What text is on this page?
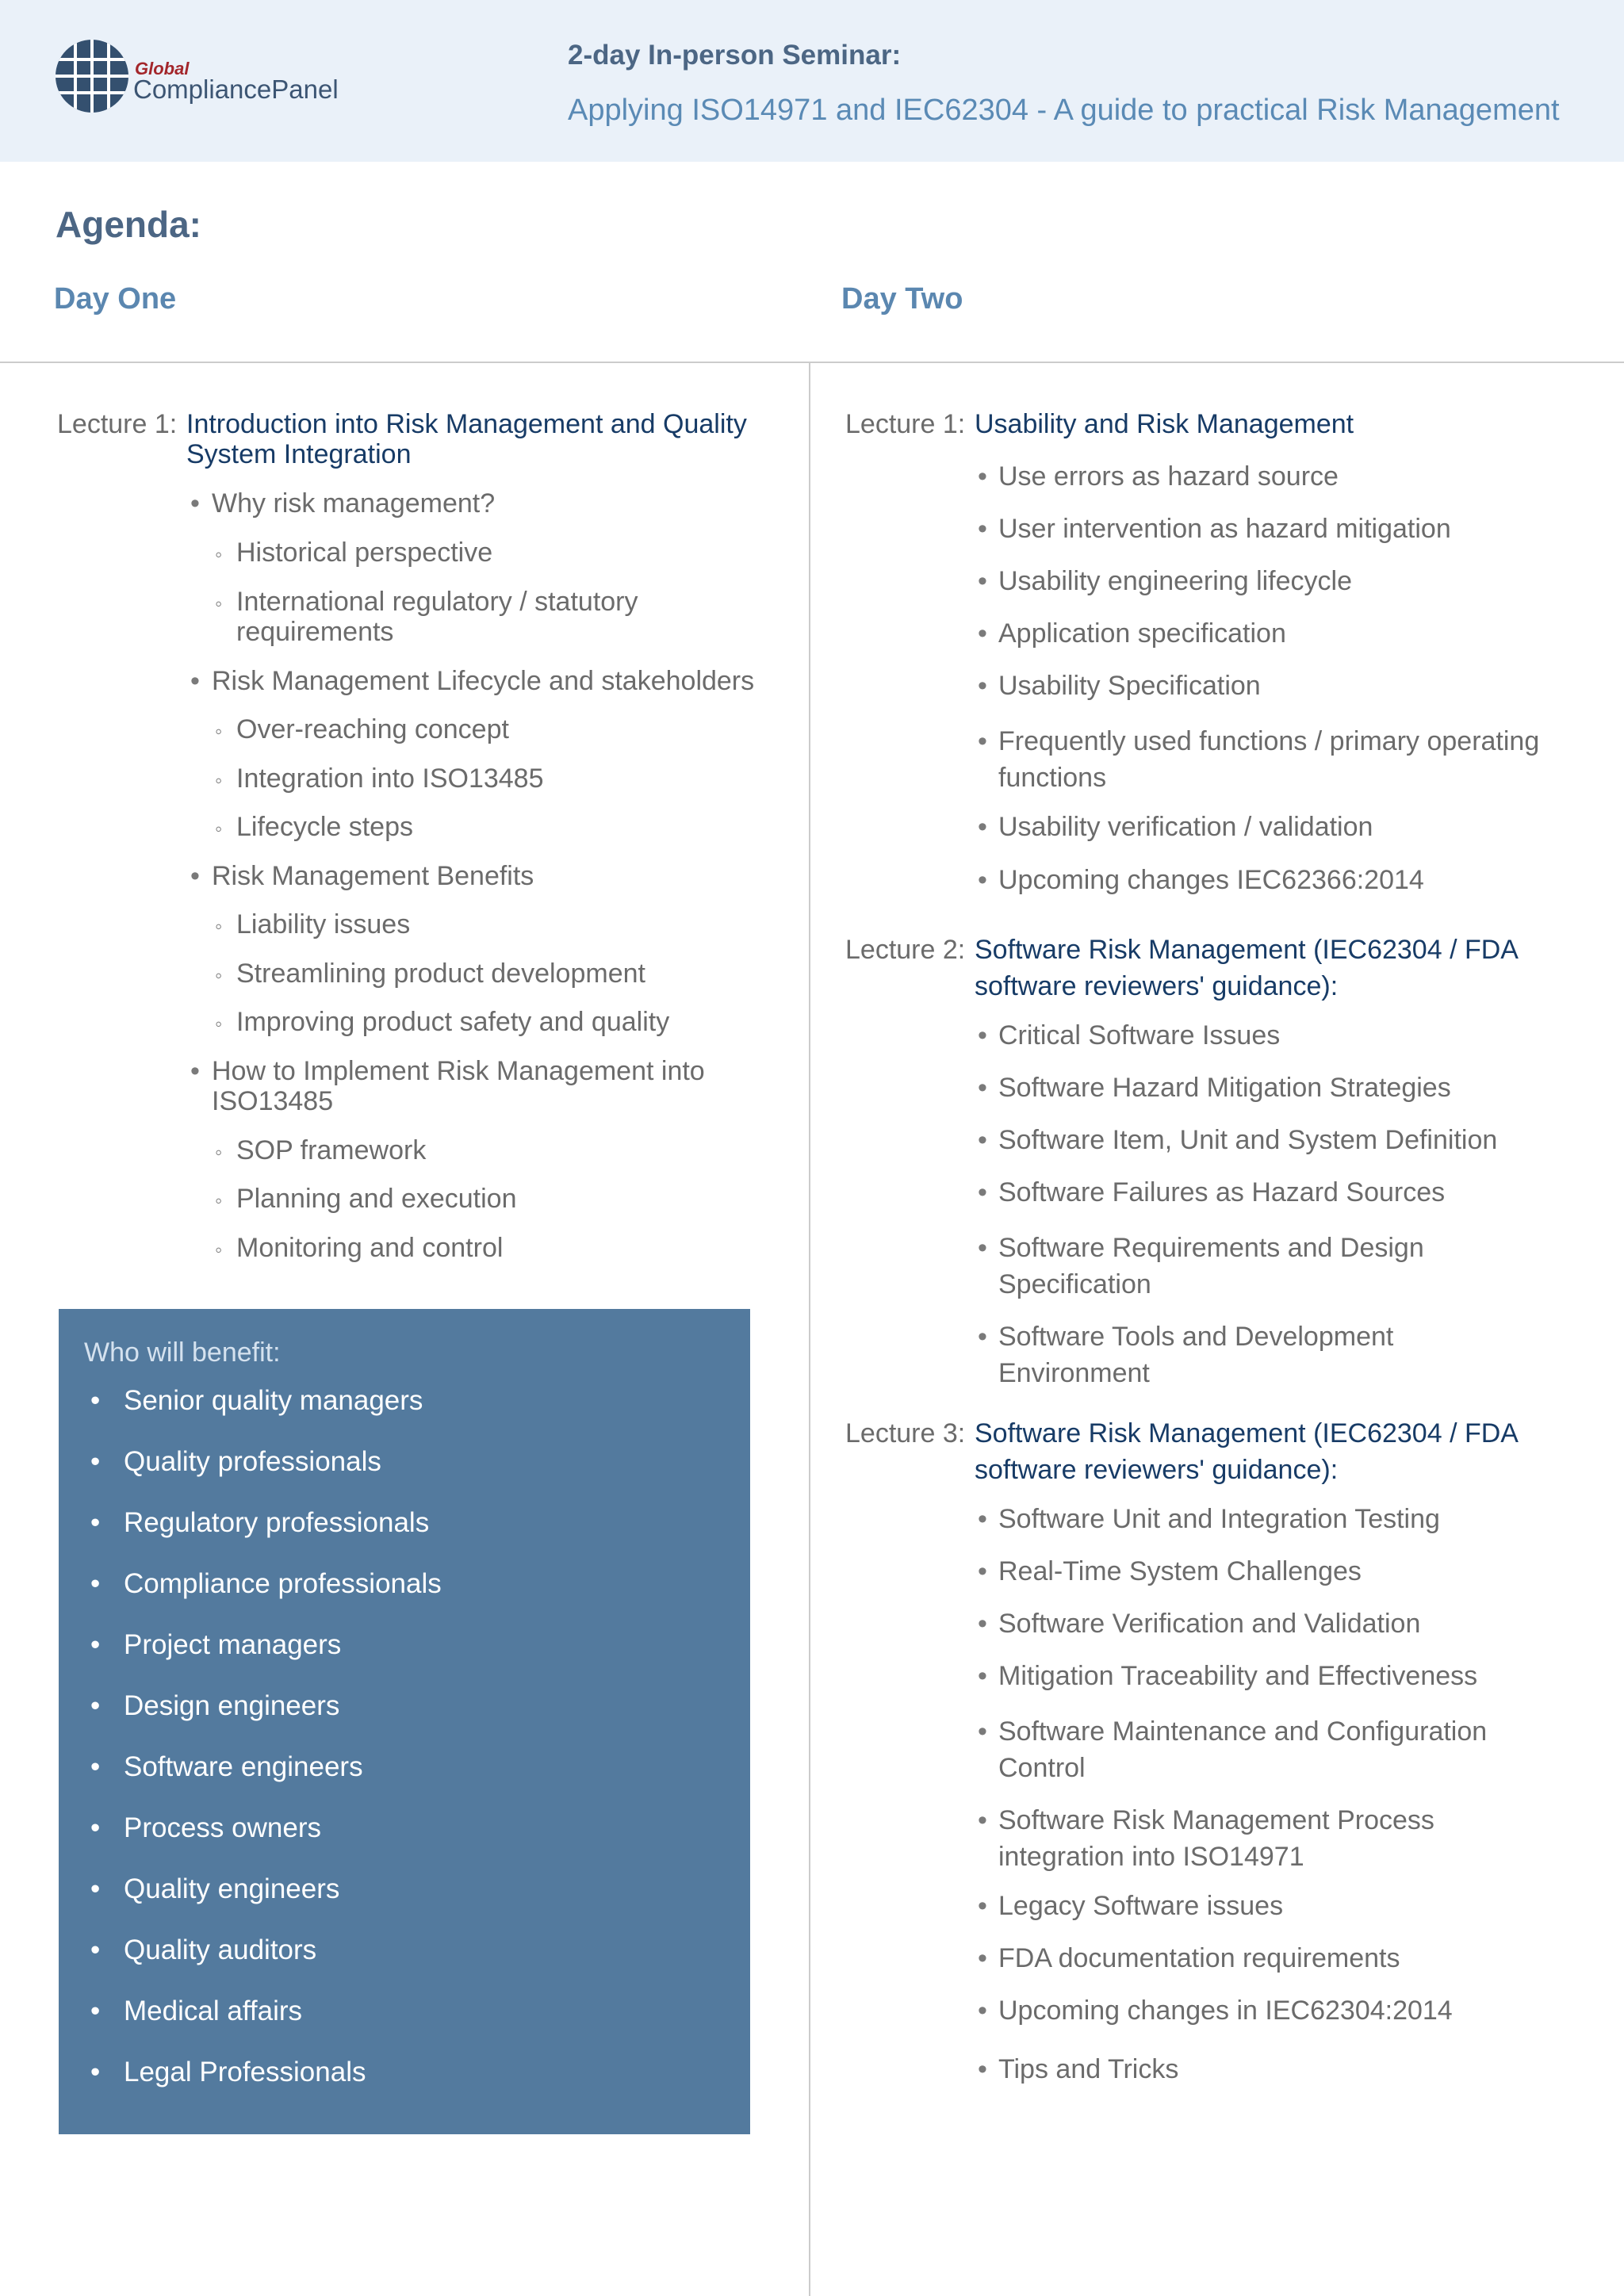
Global
CompliancePanel
2-day In-person Seminar:
Applying ISO14971 and IEC62304 - A guide to practical Risk Management
Agenda:
Day One	Day Two
Lecture 1: Introduction into Risk Management and Quality System Integration
• Why risk management?
◦ Historical perspective
◦ International regulatory / statutory requirements
• Risk Management Lifecycle and stakeholders
◦ Over-reaching concept
◦ Integration into ISO13485
◦ Lifecycle steps
• Risk Management Benefits
◦ Liability issues
◦ Streamlining product development
◦ Improving product safety and quality
• How to Implement Risk Management into ISO13485
◦ SOP framework
◦ Planning and execution
◦ Monitoring and control
Who will benefit:
• Senior quality managers
• Quality professionals
• Regulatory professionals
• Compliance professionals
• Project managers
• Design engineers
• Software engineers
• Process owners
• Quality engineers
• Quality auditors
• Medical affairs
• Legal Professionals
Lecture 1: Usability and Risk Management
• Use errors as hazard source
• User intervention as hazard mitigation
• Usability engineering lifecycle
• Application specification
• Usability Specification
• Frequently used functions / primary operating functions
• Usability verification / validation
• Upcoming changes IEC62366:2014
Lecture 2: Software Risk Management (IEC62304 / FDA software reviewers' guidance):
• Critical Software Issues
• Software Hazard Mitigation Strategies
• Software Item, Unit and System Definition
• Software Failures as Hazard Sources
• Software Requirements and Design Specification
• Software Tools and Development Environment
Lecture 3: Software Risk Management (IEC62304 / FDA software reviewers' guidance):
• Software Unit and Integration Testing
• Real-Time System Challenges
• Software Verification and Validation
• Mitigation Traceability and Effectiveness
• Software Maintenance and Configuration Control
• Software Risk Management Process integration into ISO14971
• Legacy Software issues
• FDA documentation requirements
• Upcoming changes in IEC62304:2014
• Tips and Tricks
